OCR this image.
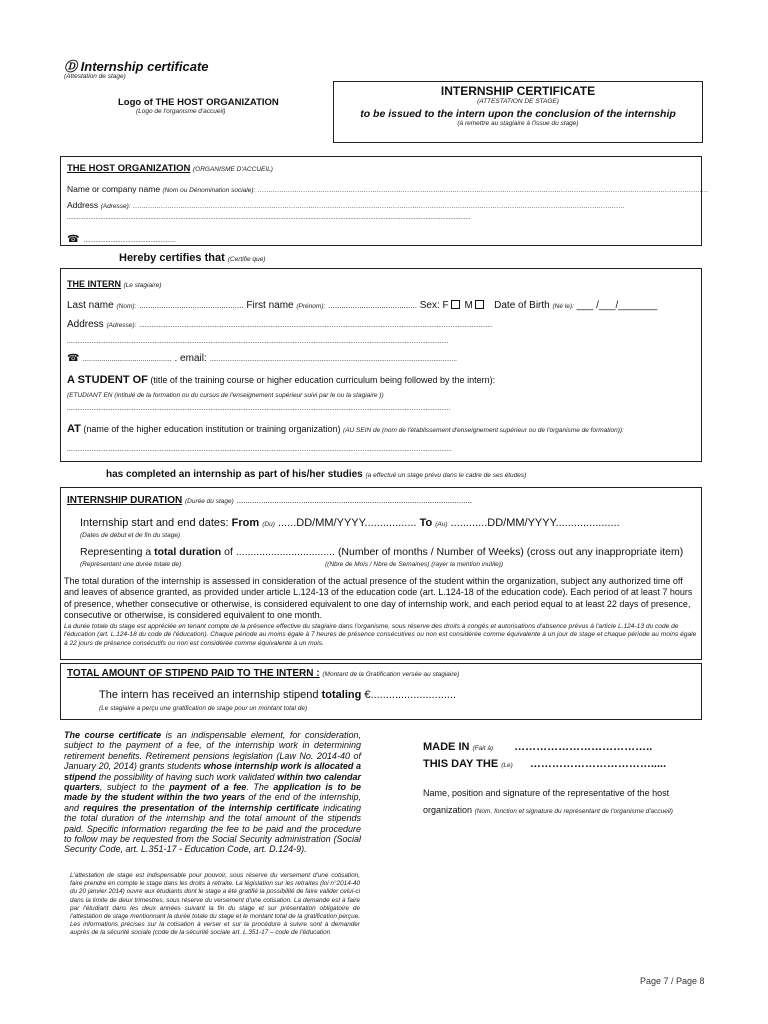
Ⓓ Internship certificate
(Attestation de stage)
Logo of THE HOST ORGANIZATION
(Logo de l'organisme d'accueil)
INTERNSHIP CERTIFICATE
(ATTESTATION DE STAGE)
to be issued to the intern upon the conclusion of the internship
(à remettre au stagiaire à l'issue du stage)
THE HOST ORGANIZATION (ORGANISME D'ACCUEIL)
Name or company name (Nom ou Dénomination sociale): ................................................................................................................................................................................................................
Address (Adresse): ...................................................................................................................................................................................................................................
..................................................................................................................................................................................................................................................
☎ .......................................................
Hereby certifies that (Certifie que)
THE INTERN (Le stagiaire)
Last name (Nom): ............................................... First name (Prénom): ........................................ Sex: F M Date of Birth (Né le): ___ /___/_______
Address (Adresse): ..........................................................................................................................................................................................................
..........................................................................................................................................................................................................................
☎ .............................................. . email: .........................................................................................................................................
A STUDENT OF (title of the training course or higher education curriculum being followed by the intern):
(ETUDIANT EN (intitulé de la formation ou du cursus de l'enseignement supérieur suivi par le ou la stagiaire ))
...........................................................................................................................................................................................................................
AT (name of the higher education institution or training organization) (AU SEIN de (nom de l'établissement d'enseignement supérieur ou de l'organisme de formation)):
............................................................................................................................................................................................................................
has completed an internship as part of his/her studies (a effectué un stage prévu dans le cadre de ses études)
INTERNSHIP DURATION (Durée du stage) ..........................................................................................................
Internship start and end dates: From (Du) ......DD/MM/YYYY................. To (Au) ............DD/MM/YYYY.....................
(Dates de début et de fin du stage)
Representing a total duration of .................................. (Number of months / Number of Weeks) (cross out any inappropriate item)
(Représentant une durée totale de)	((Nbre de Mois / Nbre de Semaines) (rayer la mention inutile))
The total duration of the internship is assessed in consideration of the actual presence of the student within the organization, subject any authorized time off and leaves of absence granted, as provided under article L.124-13 of the education code (art. L.124-18 of the education code). Each period of at least 7 hours of presence, whether consecutive or otherwise, is considered equivalent to one day of internship work, and each period equal to at least 22 days of presence, consecutive or otherwise, is considered equivalent to one month.
La durée totale du stage est appréciée en tenant compte de la présence effective du stagiaire dans l'organisme, sous réserve des droits à congés et autorisations d'absence prévus à l'article L.124-13 du code de l'éducation (art. L.124-18 du code de l'éducation). Chaque période au moins égale à 7 heures de présence consécutives ou non est considérée comme équivalente à un jour de stage et chaque période au moins égale à 22 jours de présence consécutifs ou non est considérée comme équivalente à un mois.
TOTAL AMOUNT OF STIPEND PAID TO THE INTERN : (Montant de la Gratification versée au stagiaire)
The intern has received an internship stipend totaling €............................
(Le stagiaire a perçu une gratification de stage pour un montant total de)
The course certificate is an indispensable element, for consideration, subject to the payment of a fee, of the internship work in determining retirement benefits. Retirement pensions legislation (Law No. 2014-40 of January 20, 2014) grants students whose internship work is allocated a stipend the possibility of having such work validated within two calendar quarters, subject to the payment of a fee. The application is to be made by the student within the two years of the end of the internship, and requires the presentation of the internship certificate indicating the total duration of the internship and the total amount of the stipends paid. Specific information regarding the fee to be paid and the procedure to follow may be requested from the Social Security administration (Social Security Code, art. L.351-17 - Education Code, art. D.124-9).
L'attestation de stage est indispensable pour pouvoir, sous réserve du versement d'une cotisation, faire prendre en compte le stage dans les droits à retraite. La législation sur les retraites (loi n°2014-40 du 20 janvier 2014) ouvre aux étudiants dont le stage a été gratifié la possibilité de faire valider celui-ci dans la limite de deux trimestres, sous réserve du versement d'une cotisation. La demande est à faire par l'étudiant dans les deux années suivant la fin du stage et sur présentation obligatoire de l'attestation de stage mentionnant la durée totale du stage et le montant total de la gratification perçue. Les informations précises sur la cotisation à verser et sur la procédure à suivre sont à demander auprès de la sécurité sociale (code de la sécurité sociale art. L.351-17 – code de l'éducation
MADE IN (Fait à) ………………………………..
THIS DAY THE (Le) …………………………….....
Name, position and signature of the representative of the host
organization (Nom, fonction et signature du représentant de l'organisme d'accueil)
Page 7 / Page 8
